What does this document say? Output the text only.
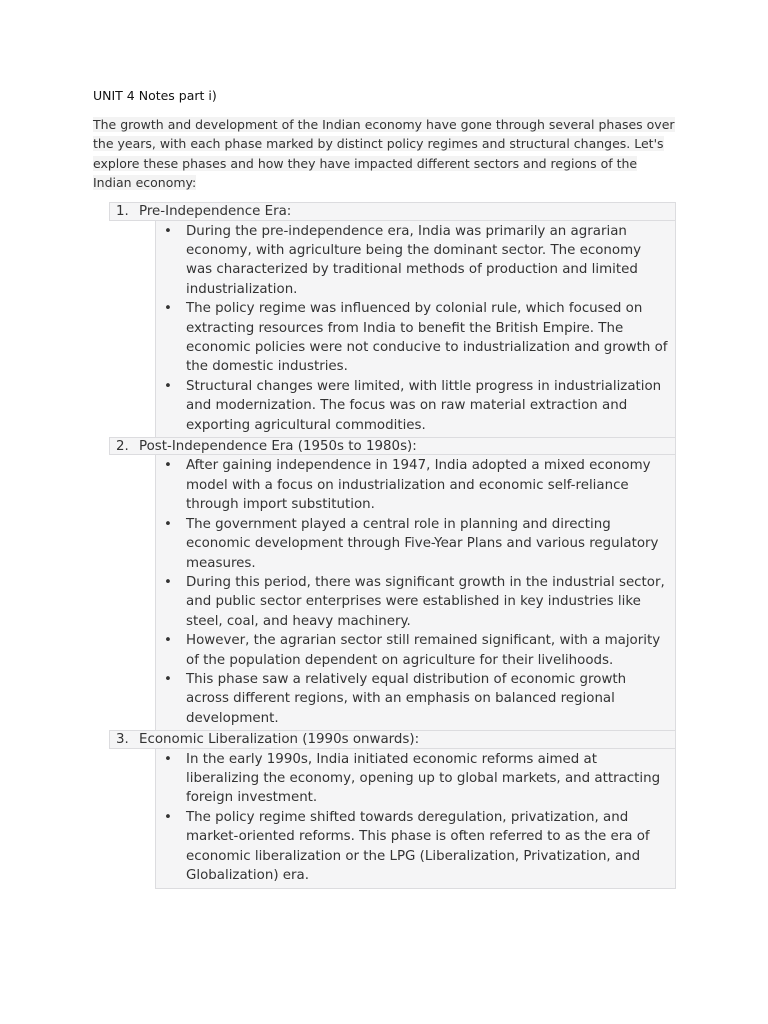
UNIT 4 Notes part i)
The growth and development of the Indian economy have gone through several phases over the years, with each phase marked by distinct policy regimes and structural changes. Let's explore these phases and how they have impacted different sectors and regions of the Indian economy:
1. Pre-Independence Era:
• During the pre-independence era, India was primarily an agrarian economy, with agriculture being the dominant sector. The economy was characterized by traditional methods of production and limited industrialization.
• The policy regime was influenced by colonial rule, which focused on extracting resources from India to benefit the British Empire. The economic policies were not conducive to industrialization and growth of the domestic industries.
• Structural changes were limited, with little progress in industrialization and modernization. The focus was on raw material extraction and exporting agricultural commodities.
2. Post-Independence Era (1950s to 1980s):
• After gaining independence in 1947, India adopted a mixed economy model with a focus on industrialization and economic self-reliance through import substitution.
• The government played a central role in planning and directing economic development through Five-Year Plans and various regulatory measures.
• During this period, there was significant growth in the industrial sector, and public sector enterprises were established in key industries like steel, coal, and heavy machinery.
• However, the agrarian sector still remained significant, with a majority of the population dependent on agriculture for their livelihoods.
• This phase saw a relatively equal distribution of economic growth across different regions, with an emphasis on balanced regional development.
3. Economic Liberalization (1990s onwards):
• In the early 1990s, India initiated economic reforms aimed at liberalizing the economy, opening up to global markets, and attracting foreign investment.
• The policy regime shifted towards deregulation, privatization, and market-oriented reforms. This phase is often referred to as the era of economic liberalization or the LPG (Liberalization, Privatization, and Globalization) era.
